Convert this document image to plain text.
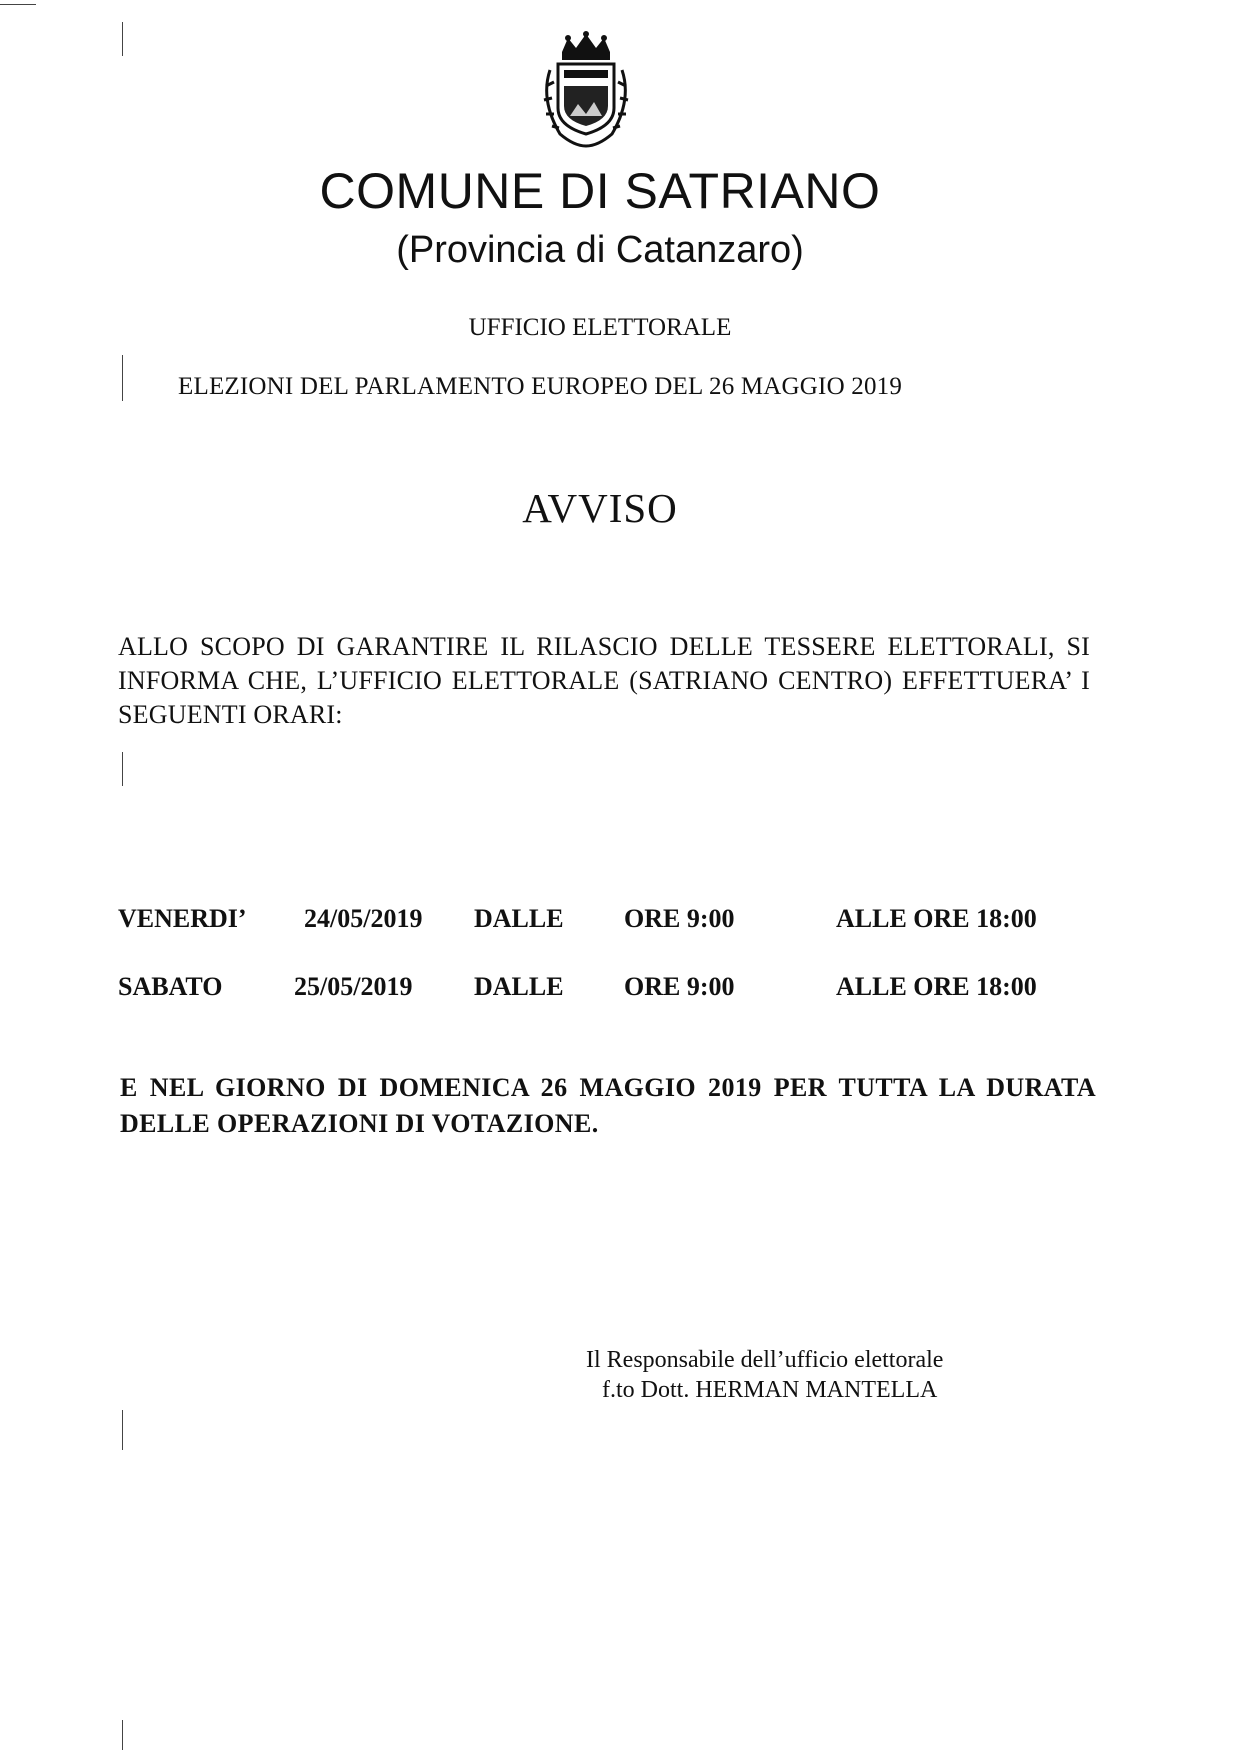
COMUNE DI SATRIANO
(Provincia di Catanzaro)
UFFICIO ELETTORALE
ELEZIONI DEL PARLAMENTO EUROPEO DEL 26 MAGGIO 2019
AVVISO
ALLO SCOPO DI GARANTIRE IL RILASCIO DELLE TESSERE ELETTORALI, SI INFORMA CHE, L’UFFICIO ELETTORALE (SATRIANO CENTRO) EFFETTUERA’ I SEGUENTI ORARI:
VENERDI’ 24/05/2019 DALLE ORE 9:00	ALLE ORE 18:00
SABATO	25/05/2019 DALLE ORE 9:00	ALLE ORE 18:00
E NEL GIORNO DI DOMENICA 26 MAGGIO 2019 PER TUTTA LA DURATA DELLE OPERAZIONI DI VOTAZIONE.
Il Responsabile dell’ufficio elettorale
f.to Dott. HERMAN MANTELLA
